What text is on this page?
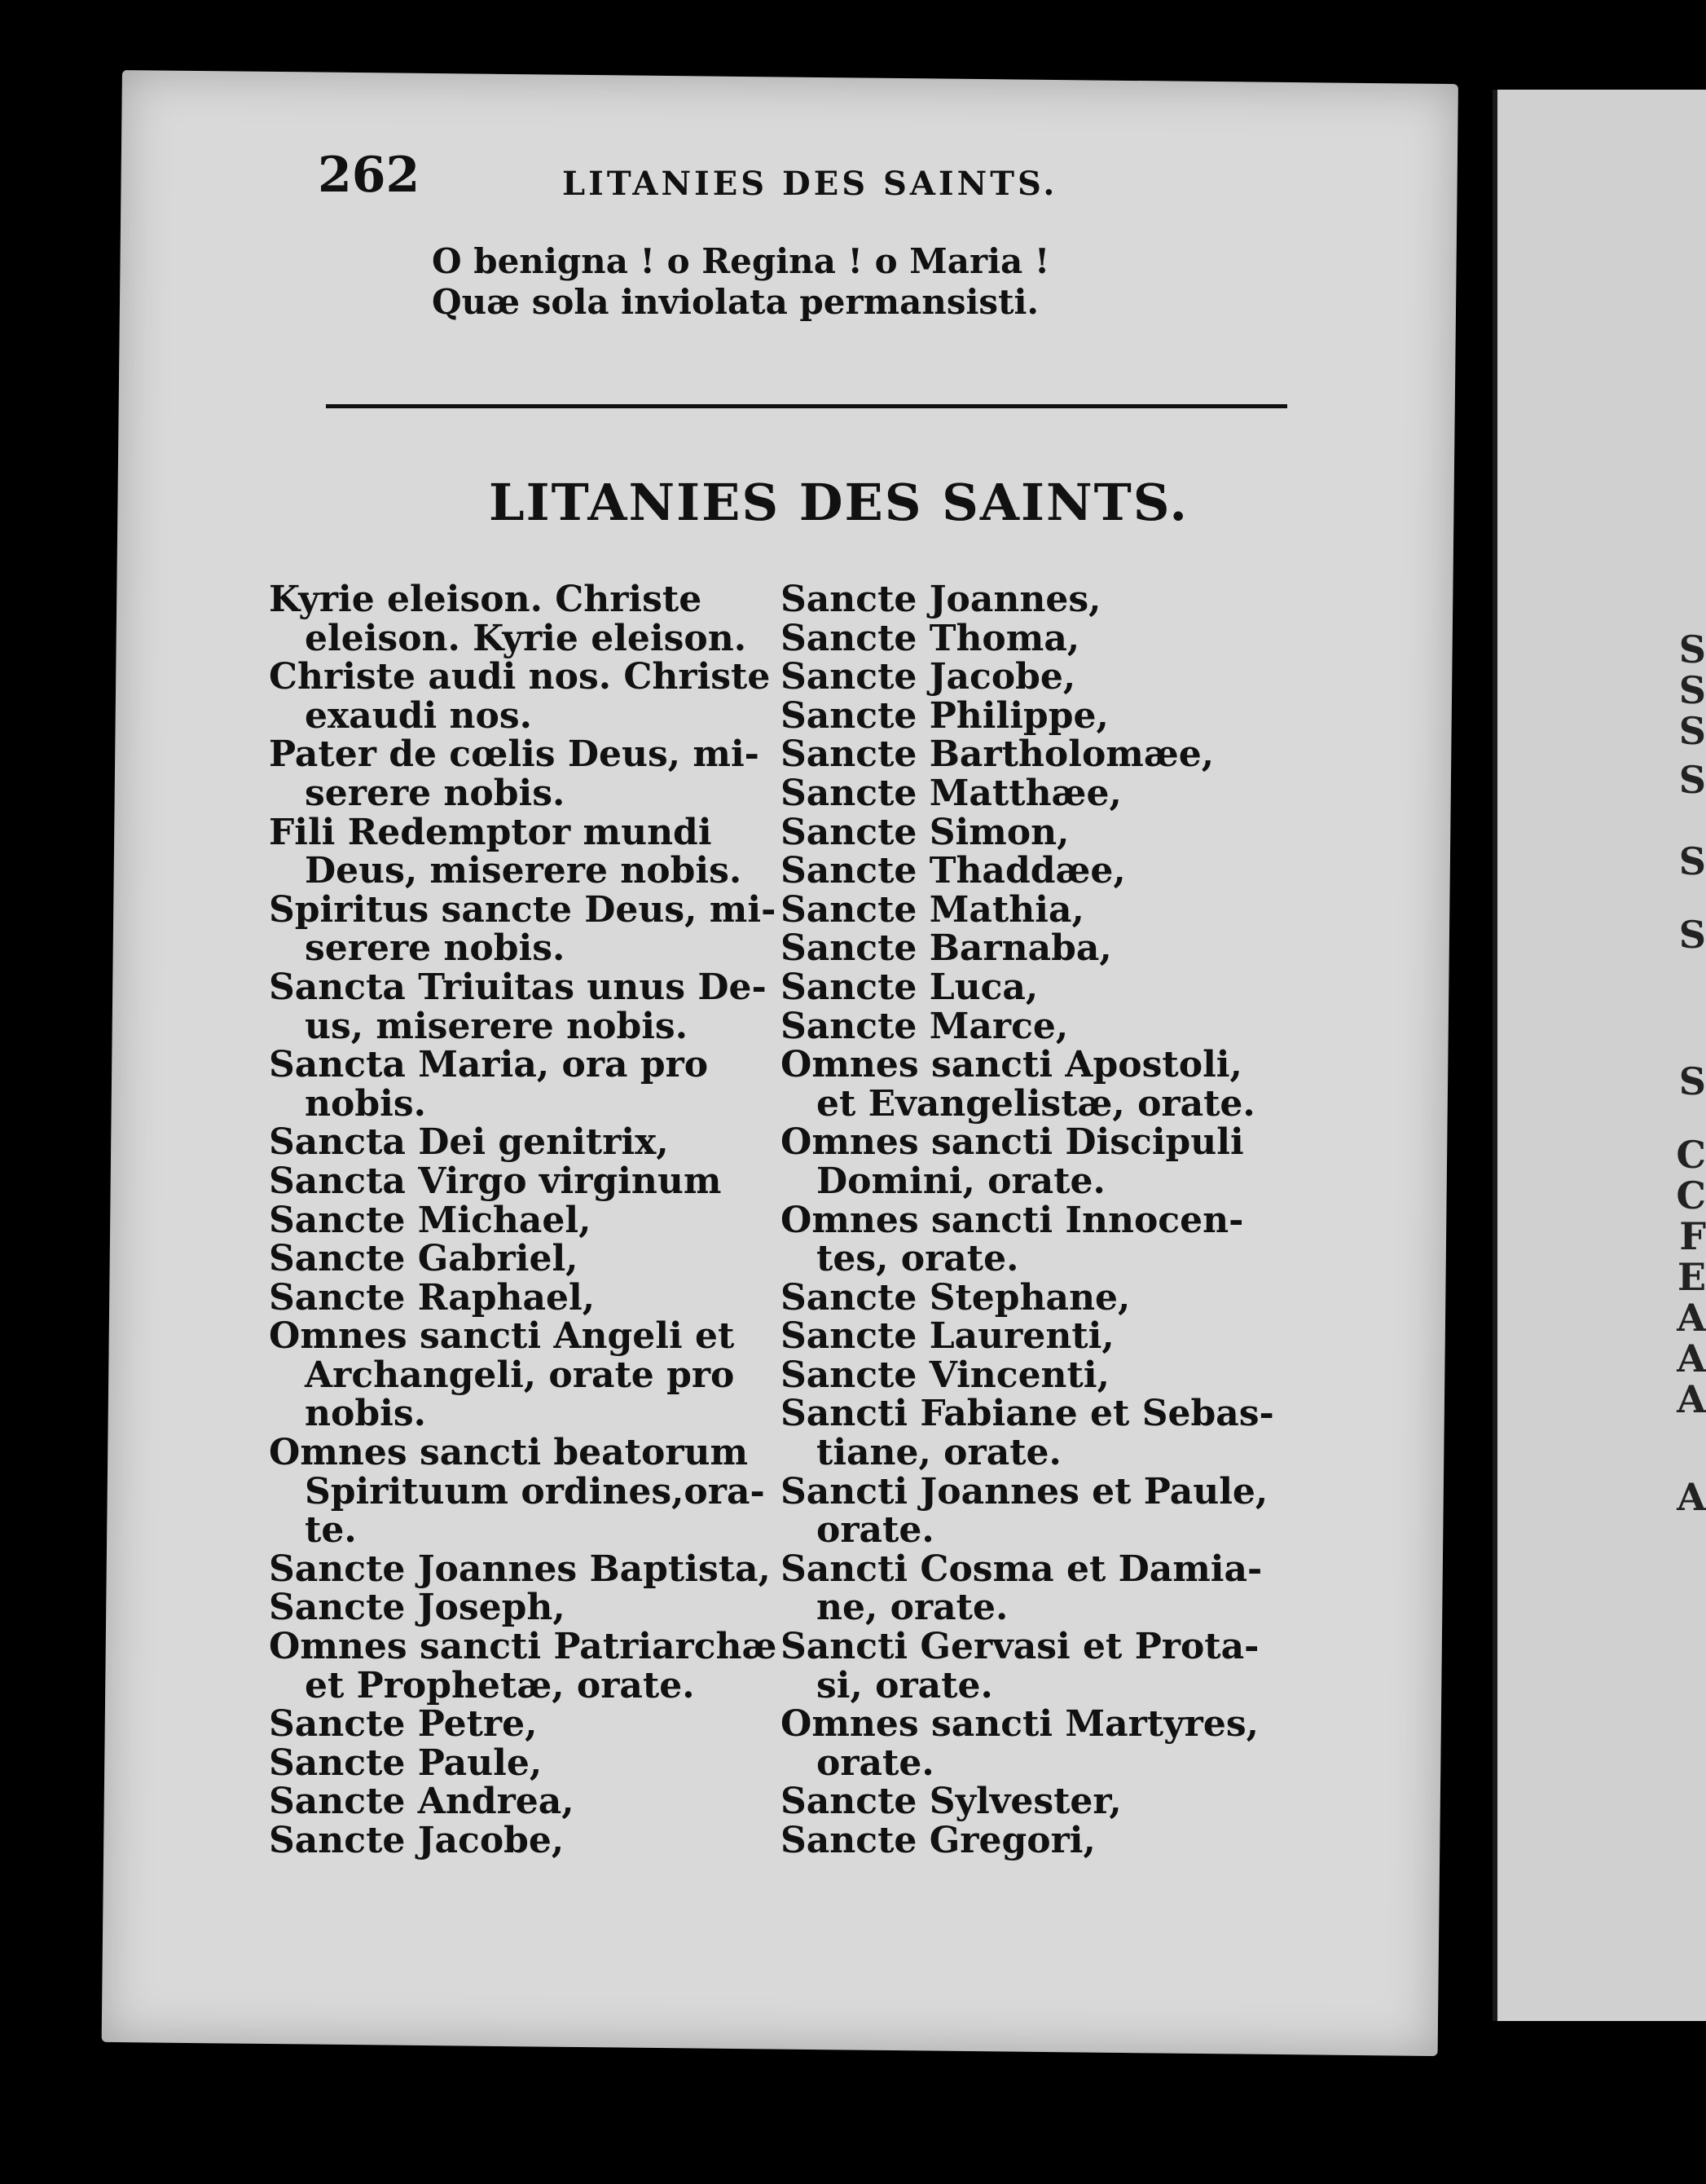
S
S
S
S
S
S
S
C
C
F
E
A
A
A
A
262	LITANIES DES SAINTS.
O benigna ! o Regina ! o Maria !
Quæ sola inviolata permansisti.
LITANIES DES SAINTS.
Kyrie eleison. Christe
eleison. Kyrie eleison.
Christe audi nos. Christe
exaudi nos.
Pater de cœlis Deus, mi-
serere nobis.
Fili Redemptor mundi
Deus, miserere nobis.
Spiritus sancte Deus, mi-
serere nobis.
Sancta Triuitas unus De-
us, miserere nobis.
Sancta Maria, ora pro
nobis.
Sancta Dei genitrix,
Sancta Virgo virginum
Sancte Michael,
Sancte Gabriel,
Sancte Raphael,
Omnes sancti Angeli et
Archangeli, orate pro
nobis.
Omnes sancti beatorum
Spirituum ordines,ora-
te.
Sancte Joannes Baptista,
Sancte Joseph,
Omnes sancti Patriarchæ
et Prophetæ, orate.
Sancte Petre,
Sancte Paule,
Sancte Andrea,
Sancte Jacobe,
Sancte Joannes,
Sancte Thoma,
Sancte Jacobe,
Sancte Philippe,
Sancte Bartholomæe,
Sancte Matthæe,
Sancte Simon,
Sancte Thaddæe,
Sancte Mathia,
Sancte Barnaba,
Sancte Luca,
Sancte Marce,
Omnes sancti Apostoli,
et Evangelistæ, orate.
Omnes sancti Discipuli
Domini, orate.
Omnes sancti Innocen-
tes, orate.
Sancte Stephane,
Sancte Laurenti,
Sancte Vincenti,
Sancti Fabiane et Sebas-
tiane, orate.
Sancti Joannes et Paule,
orate.
Sancti Cosma et Damia-
ne, orate.
Sancti Gervasi et Prota-
si, orate.
Omnes sancti Martyres,
orate.
Sancte Sylvester,
Sancte Gregori,
